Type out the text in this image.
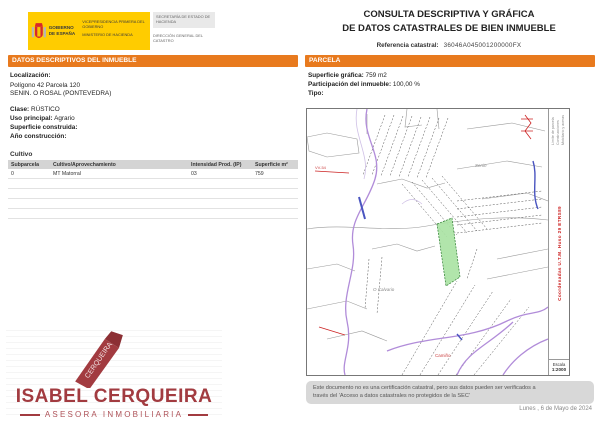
GOBIERNO DE ESPAÑA
VICEPRESIDENCIA PRIMERA DEL GOBIERNO
MINISTERIO DE HACIENDA
SECRETARÍA DE ESTADO DE HACIENDA
DIRECCIÓN GENERAL DEL CATASTRO
CONSULTA DESCRIPTIVA Y GRÁFICA
DE DATOS CATASTRALES DE BIEN INMUEBLE
Referencia catastral: 36046A045001200000FX
DATOS DESCRIPTIVOS DEL INMUEBLE
Localización:
Polígono 42 Parcela 120
SENIN. O ROSAL (PONTEVEDRA)
Clase: RÚSTICO
Uso principal: Agrario
Superficie construida:
Año construcción:
Cultivo
Subparcela	Cultivo/Aprovechamiento	Intensidad Prod. (IP)	Superficie m²
0	MT Matorral	03	759

PARCELA
Superficie gráfica: 759 m2
Participación del inmueble: 100,00 %
Tipo:
Senin
O Calvario
Camiño
VV-54
Límite de parcela Construcciones Mobiliario y aceras
Coordenadas U.T.M. Huso 29 ETRS89
Escala
1:2000
Este documento no es una certificación catastral, pero sus datos pueden ser verificados a
través del 'Acceso a datos catastrales no protegidos de la SEC'
Lunes , 6 de Mayo de 2024
CERQUEIRA
ISABEL CERQUEIRA
ASESORA INMOBILIARIA
